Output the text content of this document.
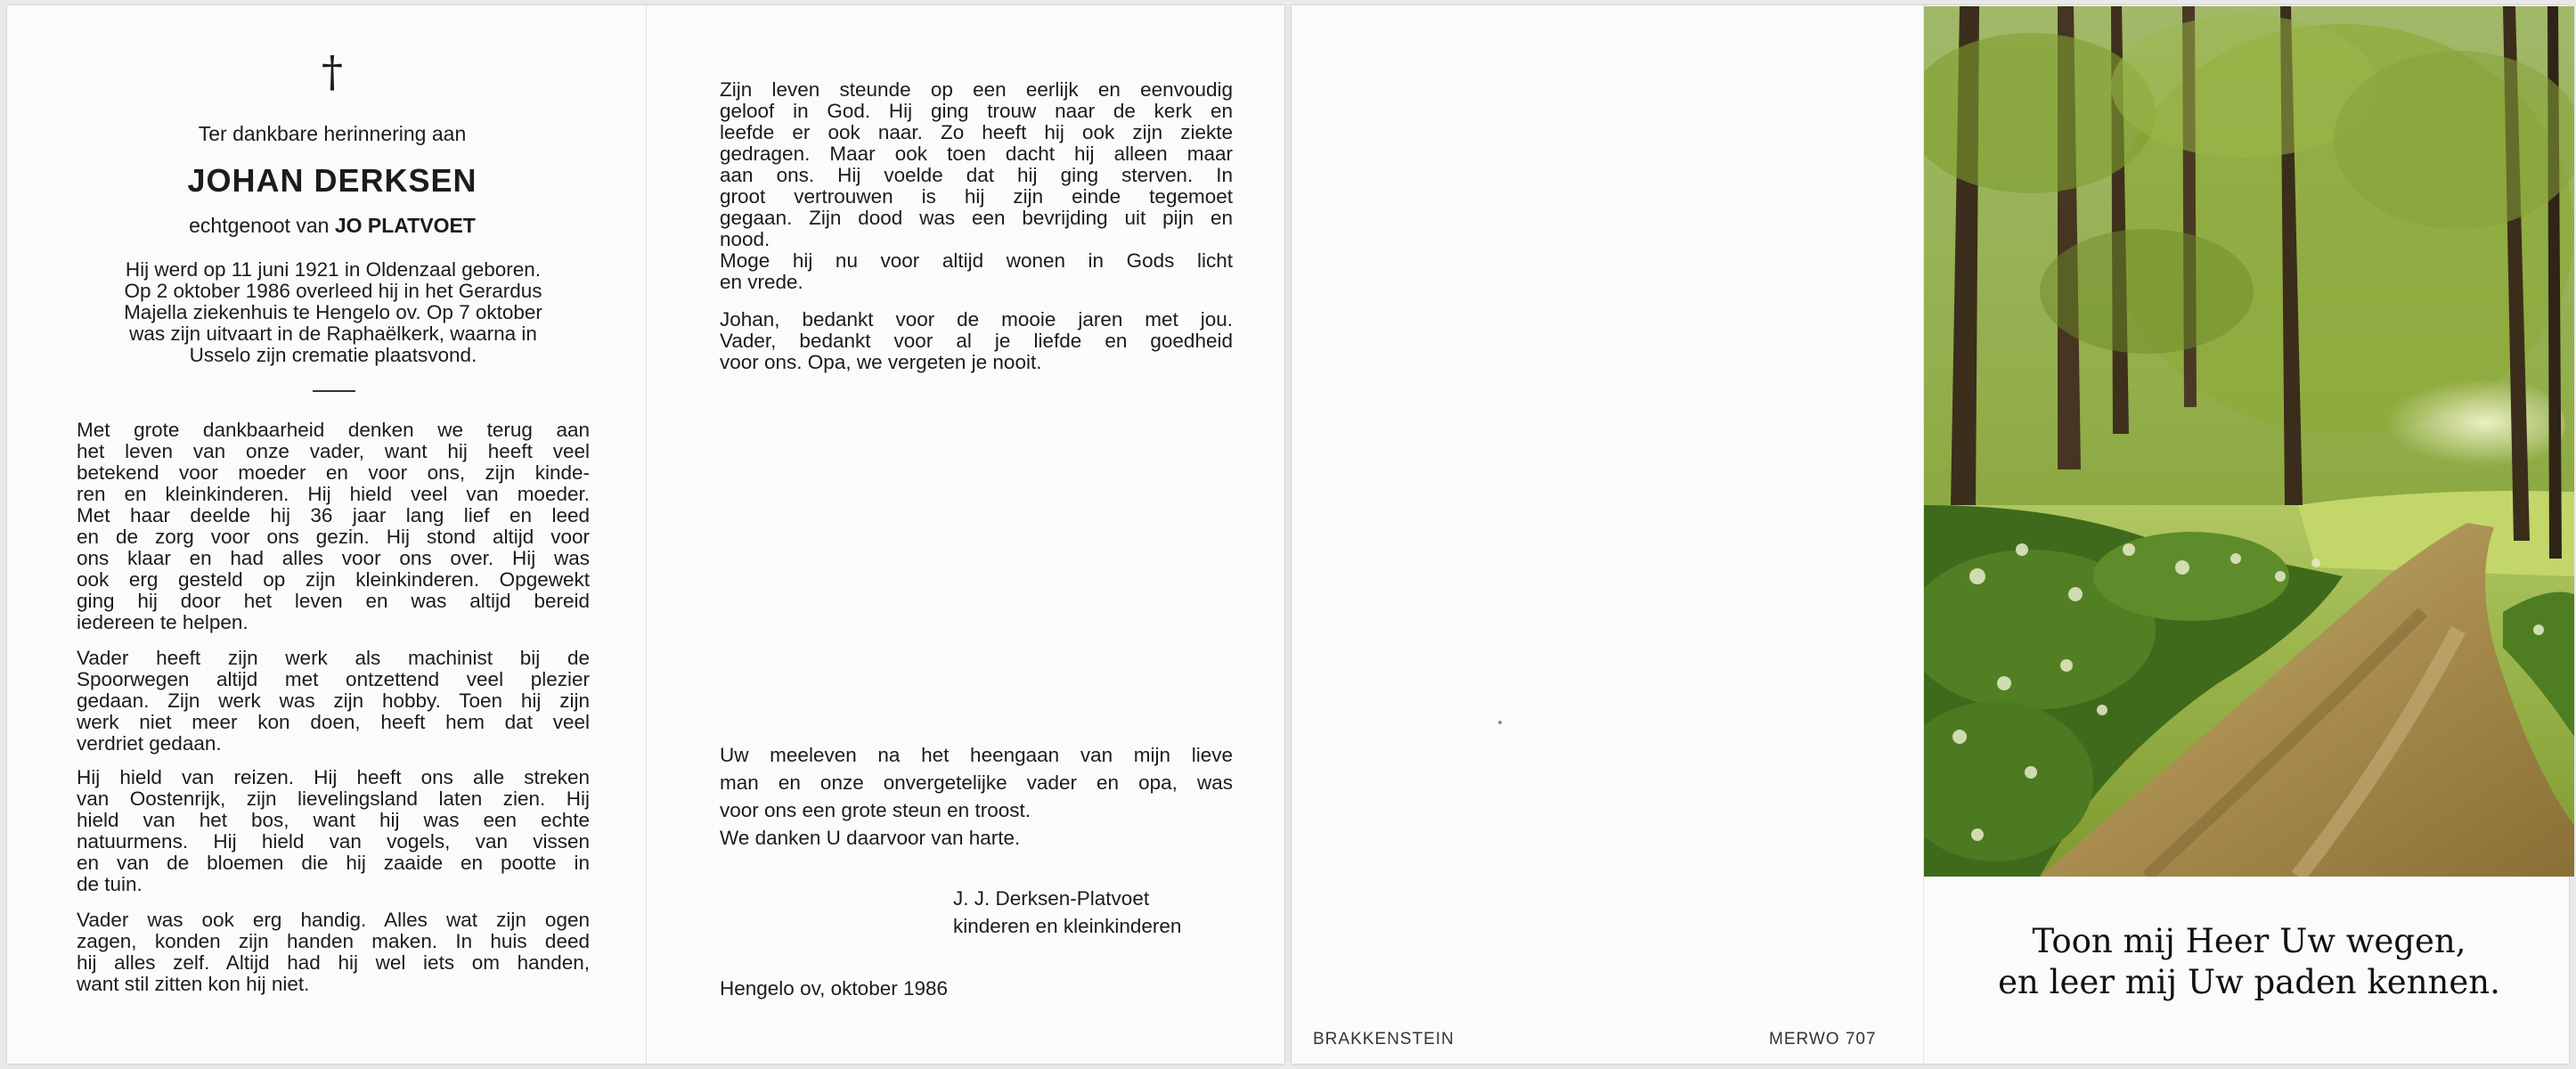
†
Ter dankbare herinnering aan
JOHAN DERKSEN
echtgenoot van JO PLATVOET
Hij werd op 11 juni 1921 in Oldenzaal geboren.
Op 2 oktober 1986 overleed hij in het Gerardus
Majella ziekenhuis te Hengelo ov. Op 7 oktober
was zijn uitvaart in de Raphaëlkerk, waarna in
Usselo zijn crematie plaatsvond.
Met grote dankbaarheid denken we terug aan
het leven van onze vader, want hij heeft veel
betekend voor moeder en voor ons, zijn kinde-
ren en kleinkinderen. Hij hield veel van moeder.
Met haar deelde hij 36 jaar lang lief en leed
en de zorg voor ons gezin. Hij stond altijd voor
ons klaar en had alles voor ons over. Hij was
ook erg gesteld op zijn kleinkinderen. Opgewekt
ging hij door het leven en was altijd bereid
iedereen te helpen.
Vader heeft zijn werk als machinist bij de
Spoorwegen altijd met ontzettend veel plezier
gedaan. Zijn werk was zijn hobby. Toen hij zijn
werk niet meer kon doen, heeft hem dat veel
verdriet gedaan.
Hij hield van reizen. Hij heeft ons alle streken
van Oostenrijk, zijn lievelingsland laten zien. Hij
hield van het bos, want hij was een echte
natuurmens. Hij hield van vogels, van vissen
en van de bloemen die hij zaaide en pootte in
de tuin.
Vader was ook erg handig. Alles wat zijn ogen
zagen, konden zijn handen maken. In huis deed
hij alles zelf. Altijd had hij wel iets om handen,
want stil zitten kon hij niet.
Zijn leven steunde op een eerlijk en eenvoudig
geloof in God. Hij ging trouw naar de kerk en
leefde er ook naar. Zo heeft hij ook zijn ziekte
gedragen. Maar ook toen dacht hij alleen maar
aan ons. Hij voelde dat hij ging sterven. In
groot vertrouwen is hij zijn einde tegemoet
gegaan. Zijn dood was een bevrijding uit pijn en
nood.
Moge hij nu voor altijd wonen in Gods licht
en vrede.
Johan, bedankt voor de mooie jaren met jou.
Vader, bedankt voor al je liefde en goedheid
voor ons. Opa, we vergeten je nooit.
Uw meeleven na het heengaan van mijn lieve
man en onze onvergetelijke vader en opa, was
voor ons een grote steun en troost.
We danken U daarvoor van harte.
J. J. Derksen-Platvoet
kinderen en kleinkinderen
Hengelo ov, oktober 1986
BRAKKENSTEIN	MERWO 707
Toon mij Heer Uw wegen,
en leer mij Uw paden kennen.
